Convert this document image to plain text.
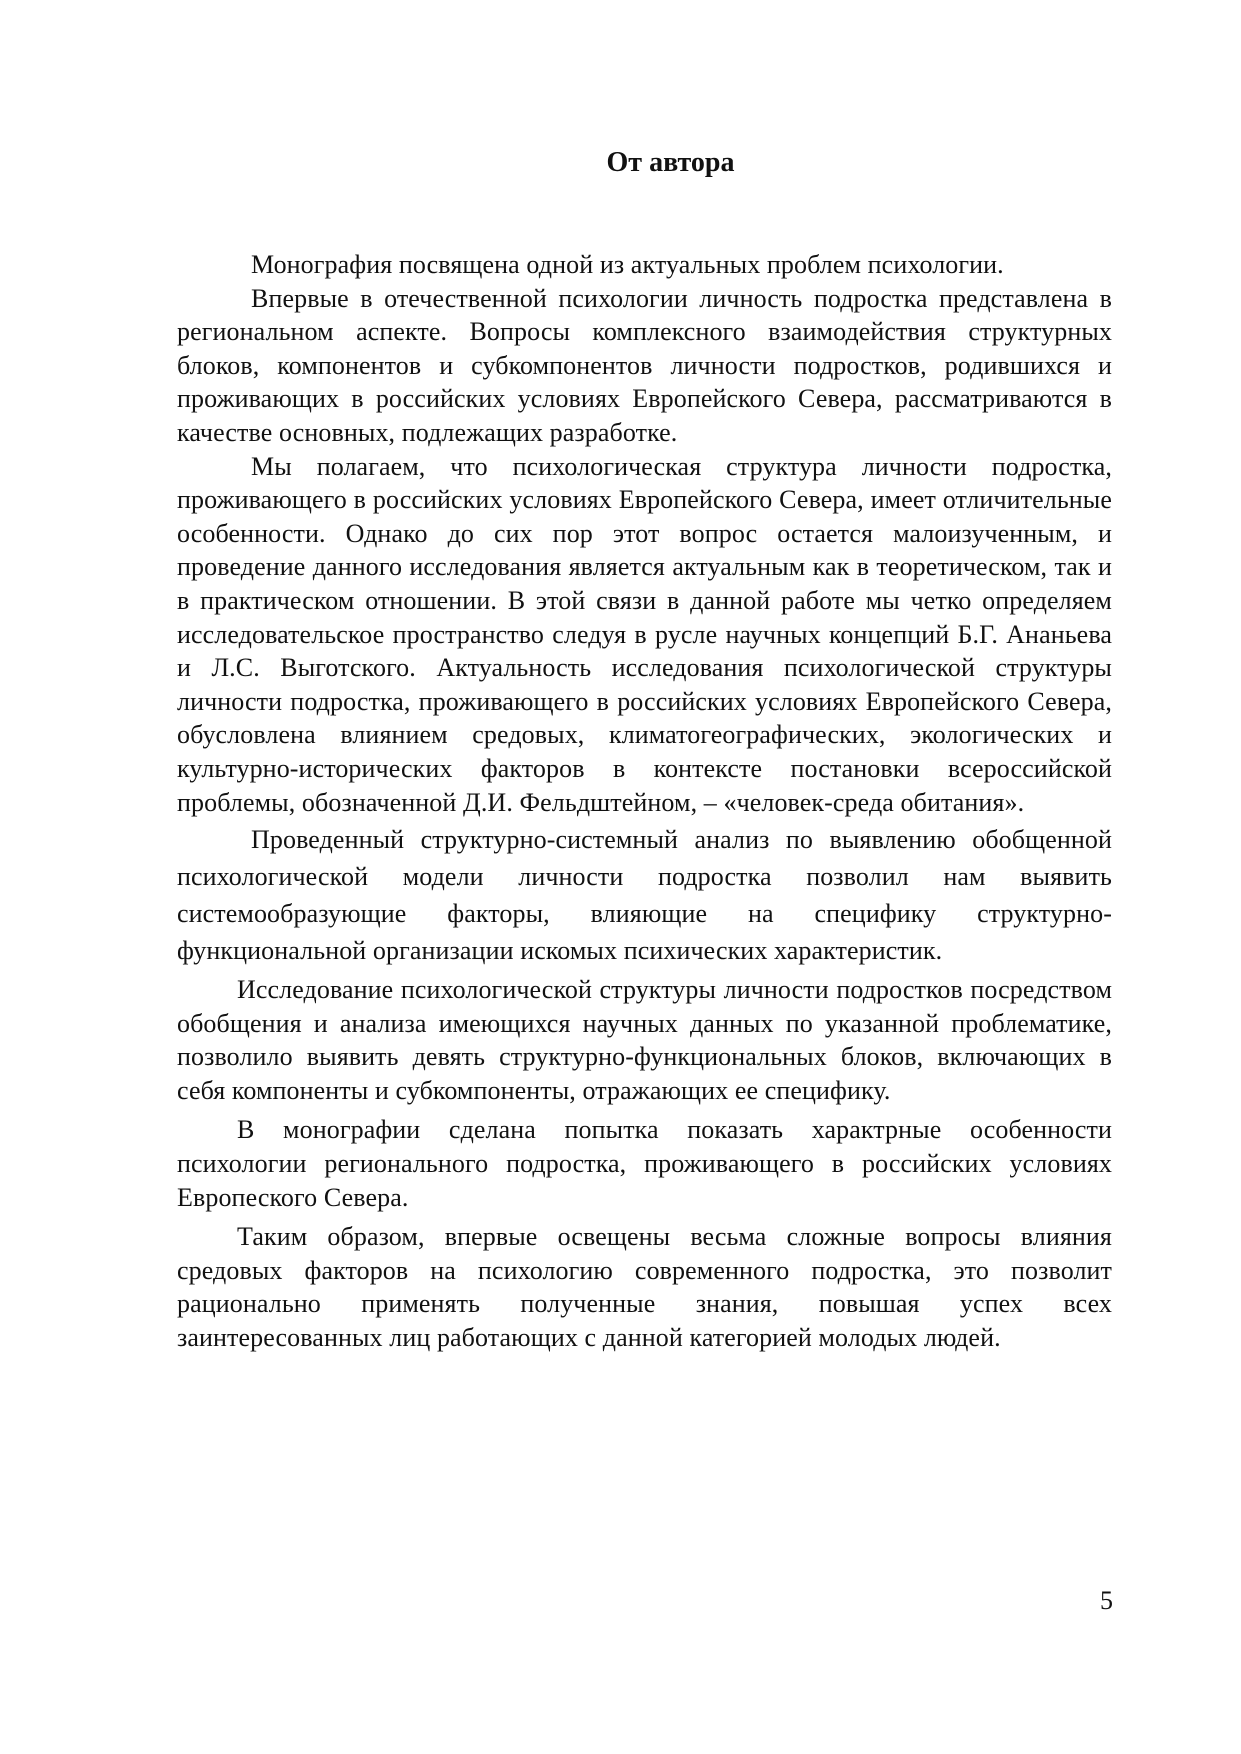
От автора

Монография посвящена одной из актуальных проблем психологии.

Впервые в отечественной психологии личность подростка представлена в региональном аспекте. Вопросы комплексного взаимодействия структурных блоков, компонентов и субкомпонентов личности подростков, родившихся и проживающих в российских условиях Европейского Севера, рассматриваются в качестве основных, подлежащих разработке.

Мы полагаем, что психологическая структура личности подростка, проживающего в российских условиях Европейского Севера, имеет отличительные особенности. Однако до сих пор этот вопрос остается малоизученным, и проведение данного исследования является актуальным как в теоретическом, так и в практическом отношении. В этой связи в данной работе мы четко определяем исследовательское пространство следуя в русле научных концепций Б.Г. Ананьева и Л.С. Выготского. Актуальность исследования психологической структуры личности подростка, проживающего в российских условиях Европейского Севера, обусловлена влиянием средовых, климатогеографических, экологических и культурно-исторических факторов в контексте постановки всероссийской проблемы, обозначенной Д.И. Фельдштейном, – «человек-среда обитания».

Проведенный структурно-системный анализ по выявлению обобщенной психологической модели личности подростка позволил нам выявить системообразующие факторы, влияющие на специфику структурно-функциональной организации искомых психических характеристик.

Исследование психологической структуры личности подростков посредством обобщения и анализа имеющихся научных данных по указанной проблематике, позволило выявить девять структурно-функциональных блоков, включающих в себя компоненты и субкомпоненты, отражающих ее специфику.

В монографии сделана попытка показать характрные особенности психологии регионального подростка, проживающего в российских условиях Европеского Севера.

Таким образом, впервые освещены весьма сложные вопросы влияния средовых факторов на психологию современного подростка, это позволит рационально применять полученные знания, повышая успех всех заинтересованных лиц работающих с данной категорией молодых людей.

5
